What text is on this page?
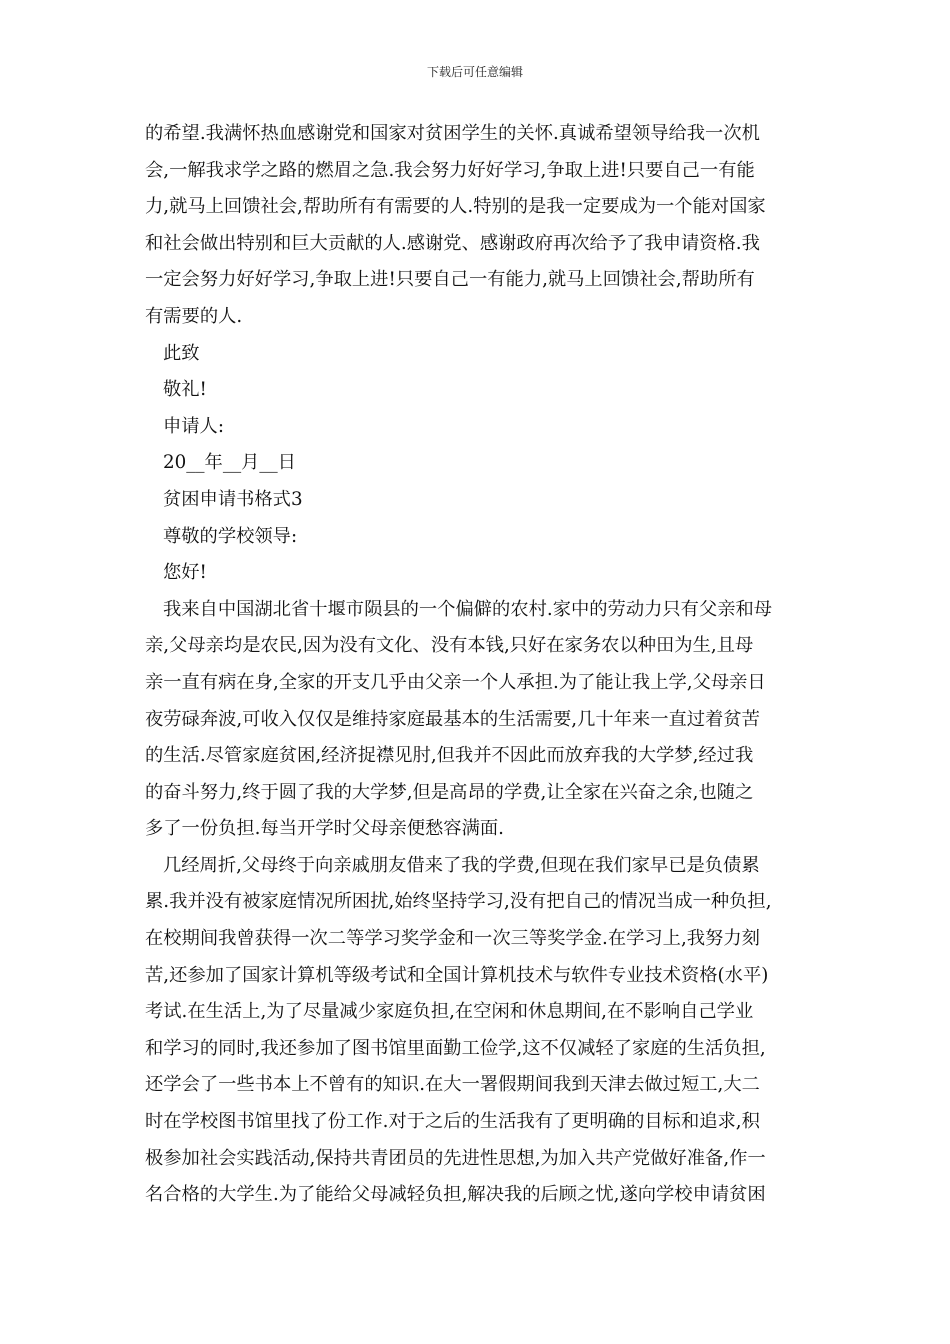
下载后可任意编辑
的希望.我满怀热血感谢党和国家对贫困学生的关怀.真诚希望领导给我一次机
会,一解我求学之路的燃眉之急.我会努力好好学习,争取上进!只要自己一有能
力,就马上回馈社会,帮助所有有需要的人.特别的是我一定要成为一个能对国家
和社会做出特别和巨大贡献的人.感谢党、感谢政府再次给予了我申请资格.我
一定会努力好好学习,争取上进!只要自己一有能力,就马上回馈社会,帮助所有
有需要的人.
此致
敬礼!
申请人:
20__年__月__日
贫困申请书格式3
尊敬的学校领导:
您好!
我来自中国湖北省十堰市陨县的一个偏僻的农村.家中的劳动力只有父亲和母
亲,父母亲均是农民,因为没有文化、没有本钱,只好在家务农以种田为生,且母
亲一直有病在身,全家的开支几乎由父亲一个人承担.为了能让我上学,父母亲日
夜劳碌奔波,可收入仅仅是维持家庭最基本的生活需要,几十年来一直过着贫苦
的生活.尽管家庭贫困,经济捉襟见肘,但我并不因此而放弃我的大学梦,经过我
的奋斗努力,终于圆了我的大学梦,但是高昂的学费,让全家在兴奋之余,也随之
多了一份负担.每当开学时父母亲便愁容满面.
几经周折,父母终于向亲戚朋友借来了我的学费,但现在我们家早已是负债累
累.我并没有被家庭情况所困扰,始终坚持学习,没有把自己的情况当成一种负担,
在校期间我曾获得一次二等学习奖学金和一次三等奖学金.在学习上,我努力刻
苦,还参加了国家计算机等级考试和全国计算机技术与软件专业技术资格(水平)
考试.在生活上,为了尽量减少家庭负担,在空闲和休息期间,在不影响自己学业
和学习的同时,我还参加了图书馆里面勤工俭学,这不仅减轻了家庭的生活负担,
还学会了一些书本上不曾有的知识.在大一署假期间我到天津去做过短工,大二
时在学校图书馆里找了份工作.对于之后的生活我有了更明确的目标和追求,积
极参加社会实践活动,保持共青团员的先进性思想,为加入共产党做好准备,作一
名合格的大学生.为了能给父母减轻负担,解决我的后顾之忧,遂向学校申请贫困
